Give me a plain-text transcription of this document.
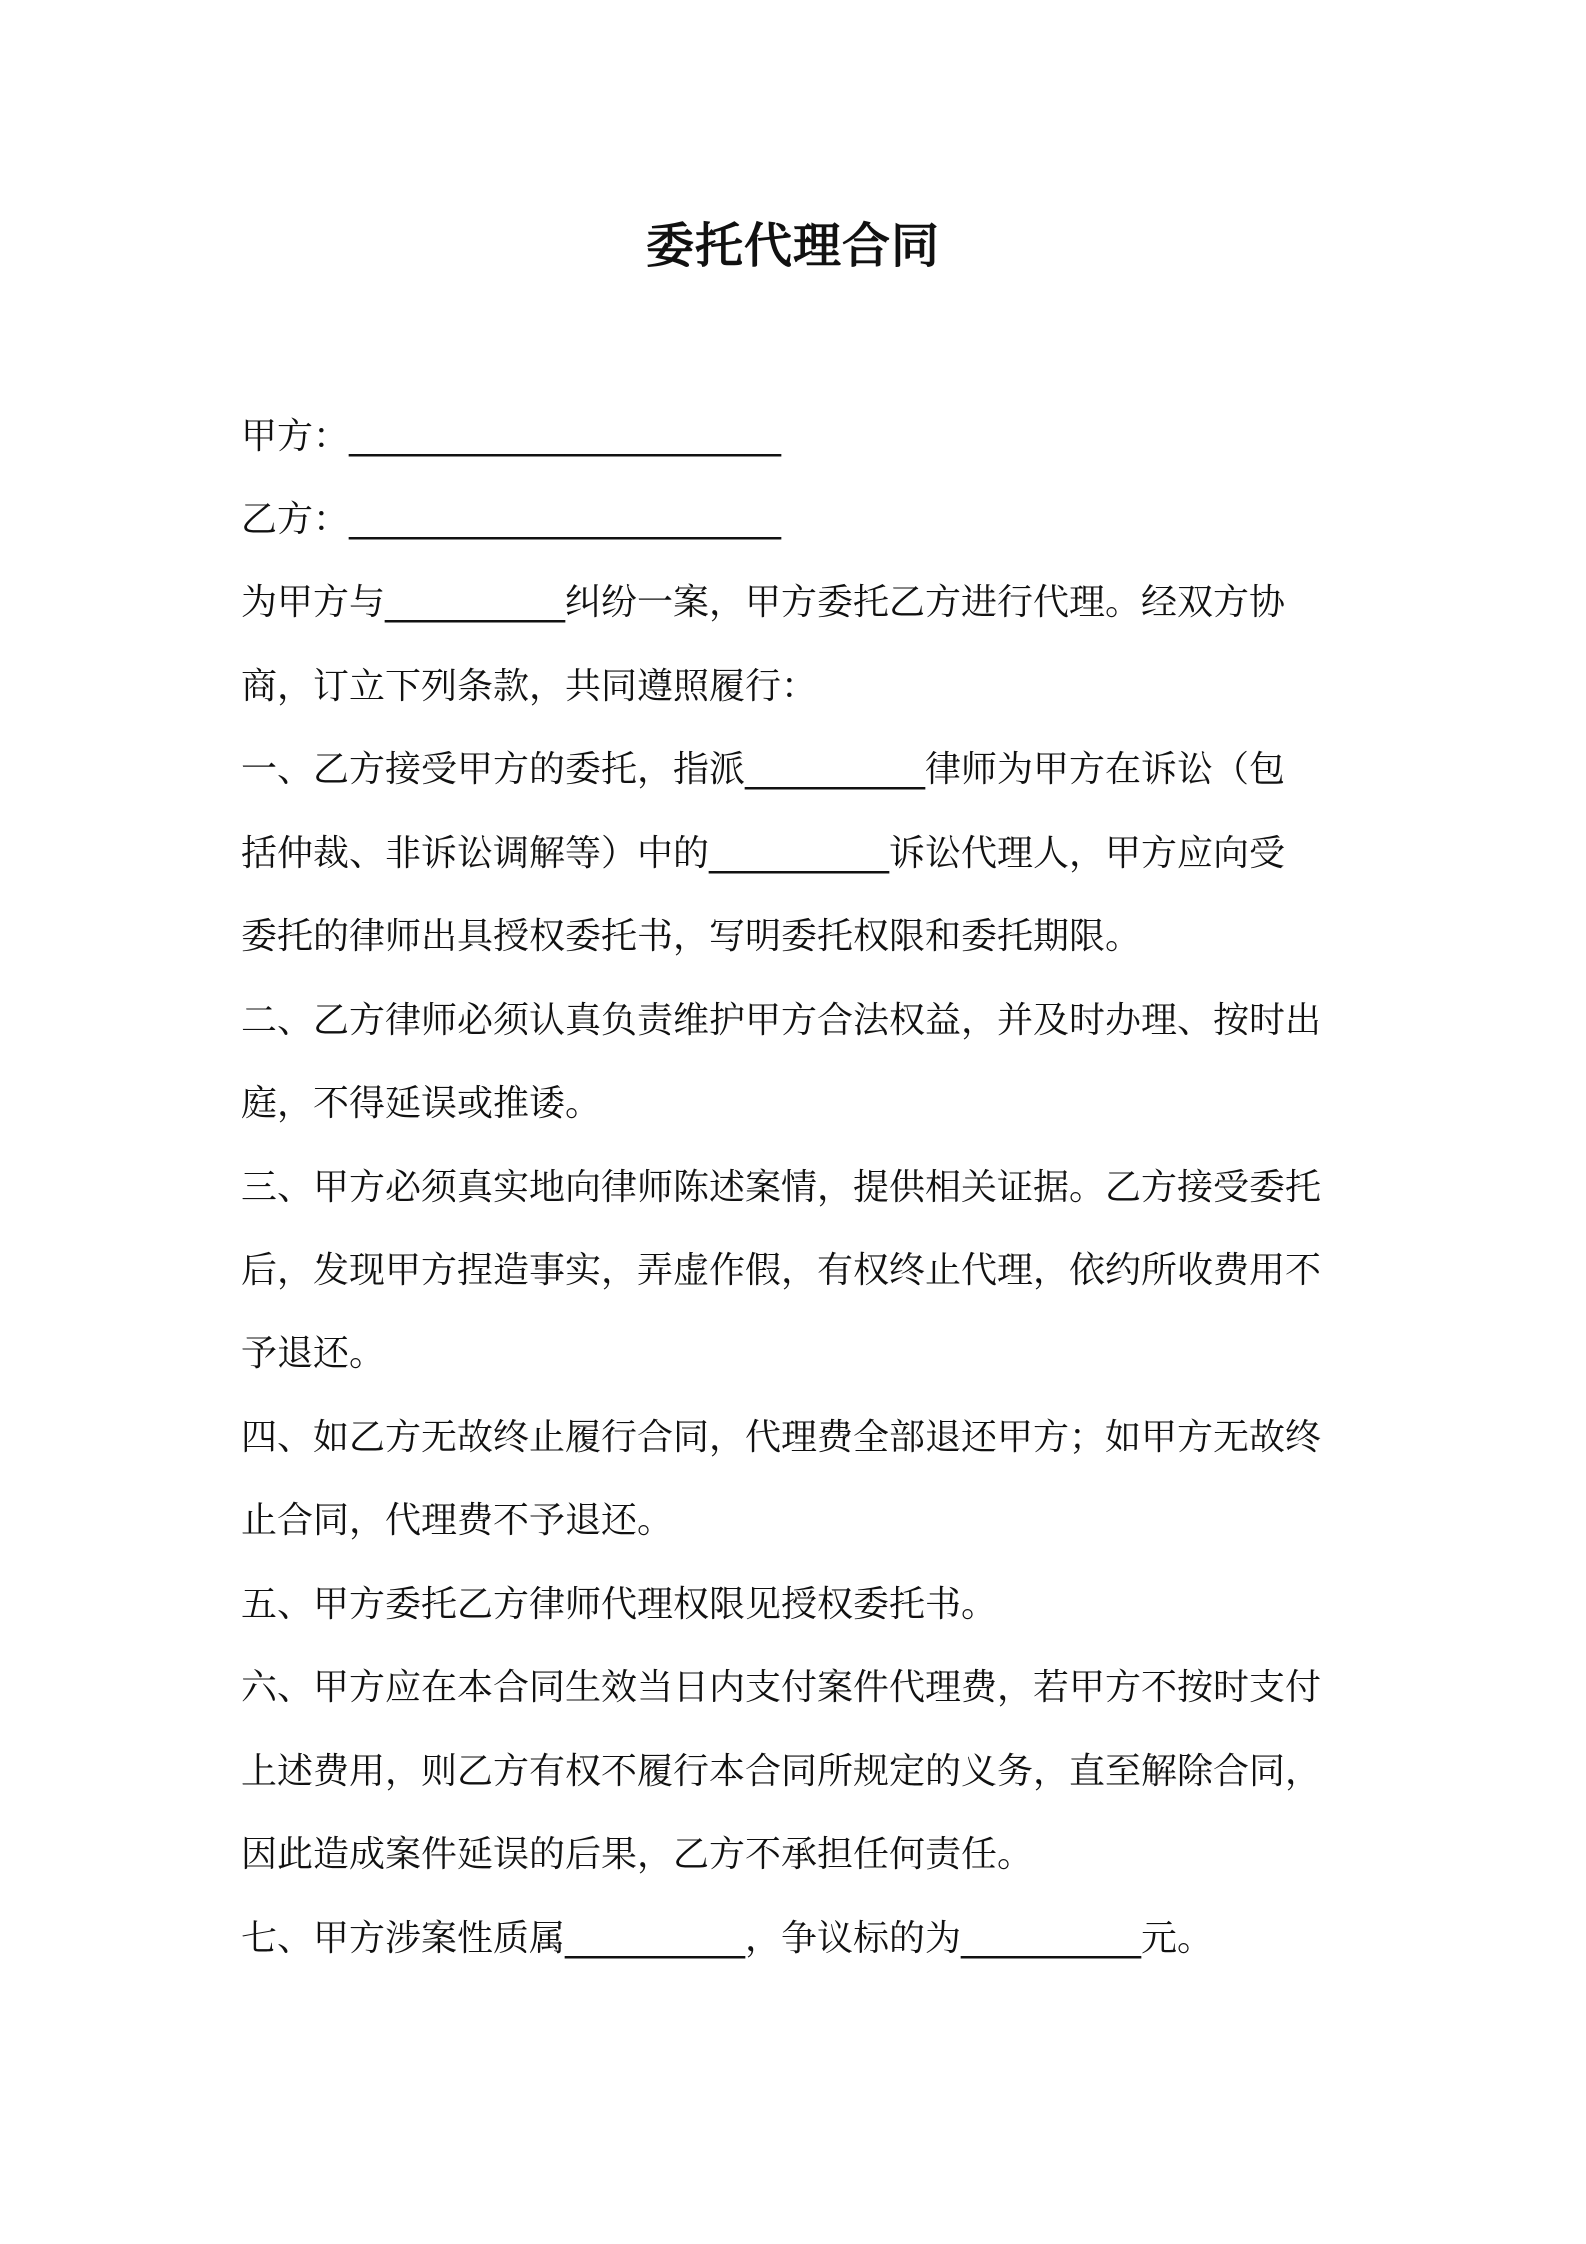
委托代理合同
甲方：________________________
乙方：________________________
为甲方与__________纠纷一案，甲方委托乙方进行代理。经双方协
商，订立下列条款，共同遵照履行：
一、乙方接受甲方的委托，指派__________律师为甲方在诉讼（包
括仲裁、非诉讼调解等）中的__________诉讼代理人，甲方应向受
委托的律师出具授权委托书，写明委托权限和委托期限。
二、乙方律师必须认真负责维护甲方合法权益，并及时办理、按时出
庭，不得延误或推诿。
三、甲方必须真实地向律师陈述案情，提供相关证据。乙方接受委托
后，发现甲方捏造事实，弄虚作假，有权终止代理，依约所收费用不
予退还。
四、如乙方无故终止履行合同，代理费全部退还甲方；如甲方无故终
止合同，代理费不予退还。
五、甲方委托乙方律师代理权限见授权委托书。
六、甲方应在本合同生效当日内支付案件代理费，若甲方不按时支付
上述费用，则乙方有权不履行本合同所规定的义务，直至解除合同，
因此造成案件延误的后果，乙方不承担任何责任。
七、甲方涉案性质属__________，争议标的为__________元。
